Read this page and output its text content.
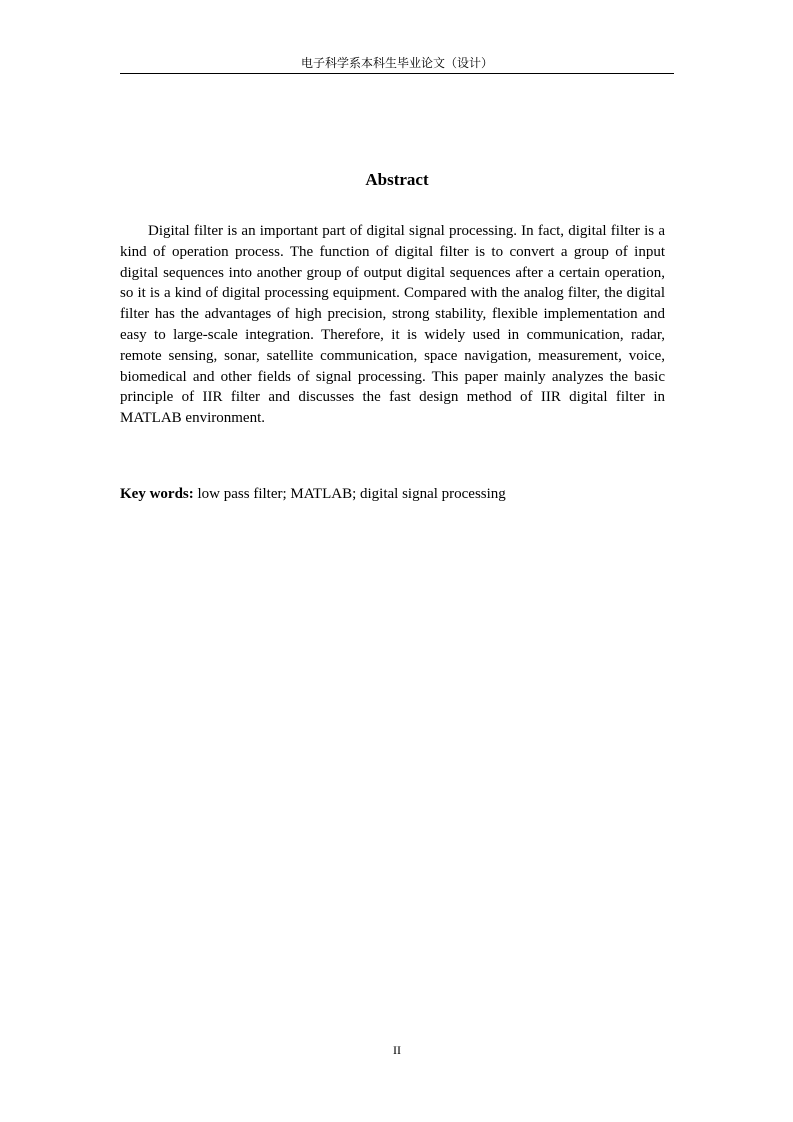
电子科学系本科生毕业论文（设计）
Abstract

Digital filter is an important part of digital signal processing. In fact, digital filter is a kind of operation process. The function of digital filter is to convert a group of input digital sequences into another group of output digital sequences after a certain operation, so it is a kind of digital processing equipment. Compared with the analog filter, the digital filter has the advantages of high precision, strong stability, flexible implementation and easy to large-scale integration. Therefore, it is widely used in communication, radar, remote sensing, sonar, satellite communication, space navigation, measurement, voice, biomedical and other fields of signal processing. This paper mainly analyzes the basic principle of IIR filter and discusses the fast design method of IIR digital filter in MATLAB environment.

Key words: low pass filter; MATLAB; digital signal processing
II
